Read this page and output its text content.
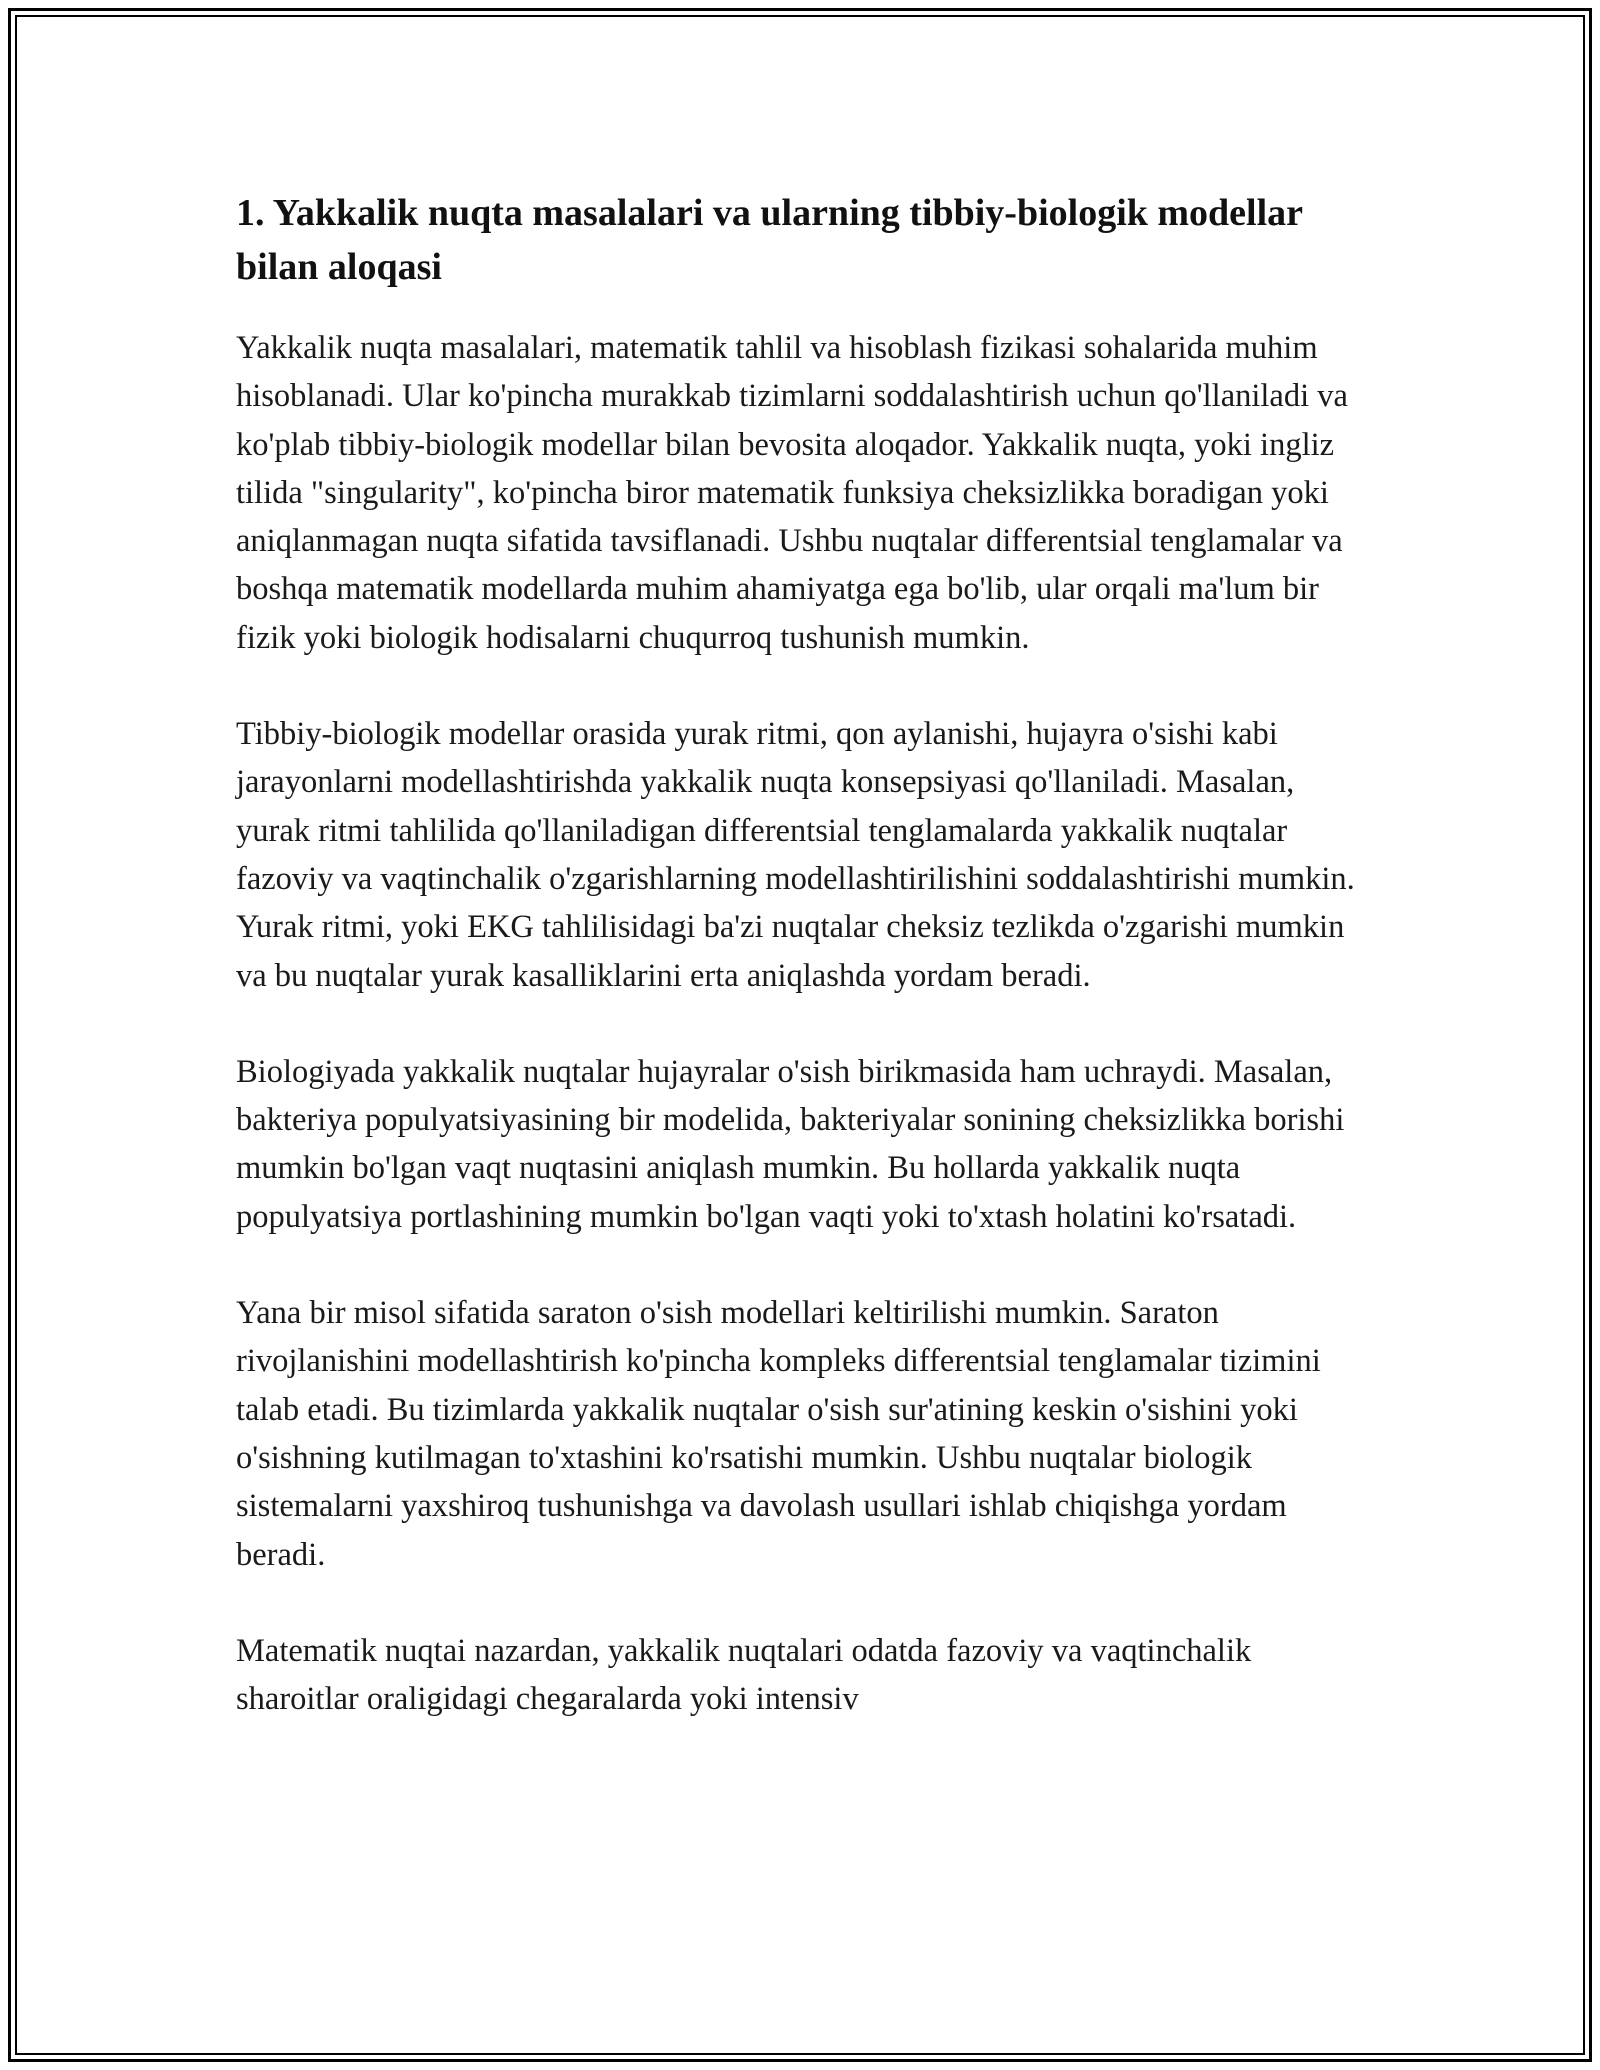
1. Yakkalik nuqta masalalari va ularning tibbiy-biologik modellar bilan aloqasi

Yakkalik nuqta masalalari, matematik tahlil va hisoblash fizikasi sohalarida muhim hisoblanadi. Ular ko'pincha murakkab tizimlarni soddalashtirish uchun qo'llaniladi va ko'plab tibbiy-biologik modellar bilan bevosita aloqador. Yakkalik nuqta, yoki ingliz tilida "singularity", ko'pincha biror matematik funksiya cheksizlikka boradigan yoki aniqlanmagan nuqta sifatida tavsiflanadi. Ushbu nuqtalar differentsial tenglamalar va boshqa matematik modellarda muhim ahamiyatga ega bo'lib, ular orqali ma'lum bir fizik yoki biologik hodisalarni chuqurroq tushunish mumkin.

Tibbiy-biologik modellar orasida yurak ritmi, qon aylanishi, hujayra o'sishi kabi jarayonlarni modellashtirishda yakkalik nuqta konsepsiyasi qo'llaniladi. Masalan, yurak ritmi tahlilida qo'llaniladigan differentsial tenglamalarda yakkalik nuqtalar fazoviy va vaqtinchalik o'zgarishlarning modellashtirilishini soddalashtirishi mumkin. Yurak ritmi, yoki EKG tahlilisidagi ba'zi nuqtalar cheksiz tezlikda o'zgarishi mumkin va bu nuqtalar yurak kasalliklarini erta aniqlashda yordam beradi.

Biologiyada yakkalik nuqtalar hujayralar o'sish birikmasida ham uchraydi. Masalan, bakteriya populyatsiyasining bir modelida, bakteriyalar sonining cheksizlikka borishi mumkin bo'lgan vaqt nuqtasini aniqlash mumkin. Bu hollarda yakkalik nuqta populyatsiya portlashining mumkin bo'lgan vaqti yoki to'xtash holatini ko'rsatadi.

Yana bir misol sifatida saraton o'sish modellari keltirilishi mumkin. Saraton rivojlanishini modellashtirish ko'pincha kompleks differentsial tenglamalar tizimini talab etadi. Bu tizimlarda yakkalik nuqtalar o'sish sur'atining keskin o'sishini yoki o'sishning kutilmagan to'xtashini ko'rsatishi mumkin. Ushbu nuqtalar biologik sistemalarni yaxshiroq tushunishga va davolash usullari ishlab chiqishga yordam beradi.

Matematik nuqtai nazardan, yakkalik nuqtalari odatda fazoviy va vaqtinchalik sharoitlar oraligidagi chegaralarda yoki intensiv
